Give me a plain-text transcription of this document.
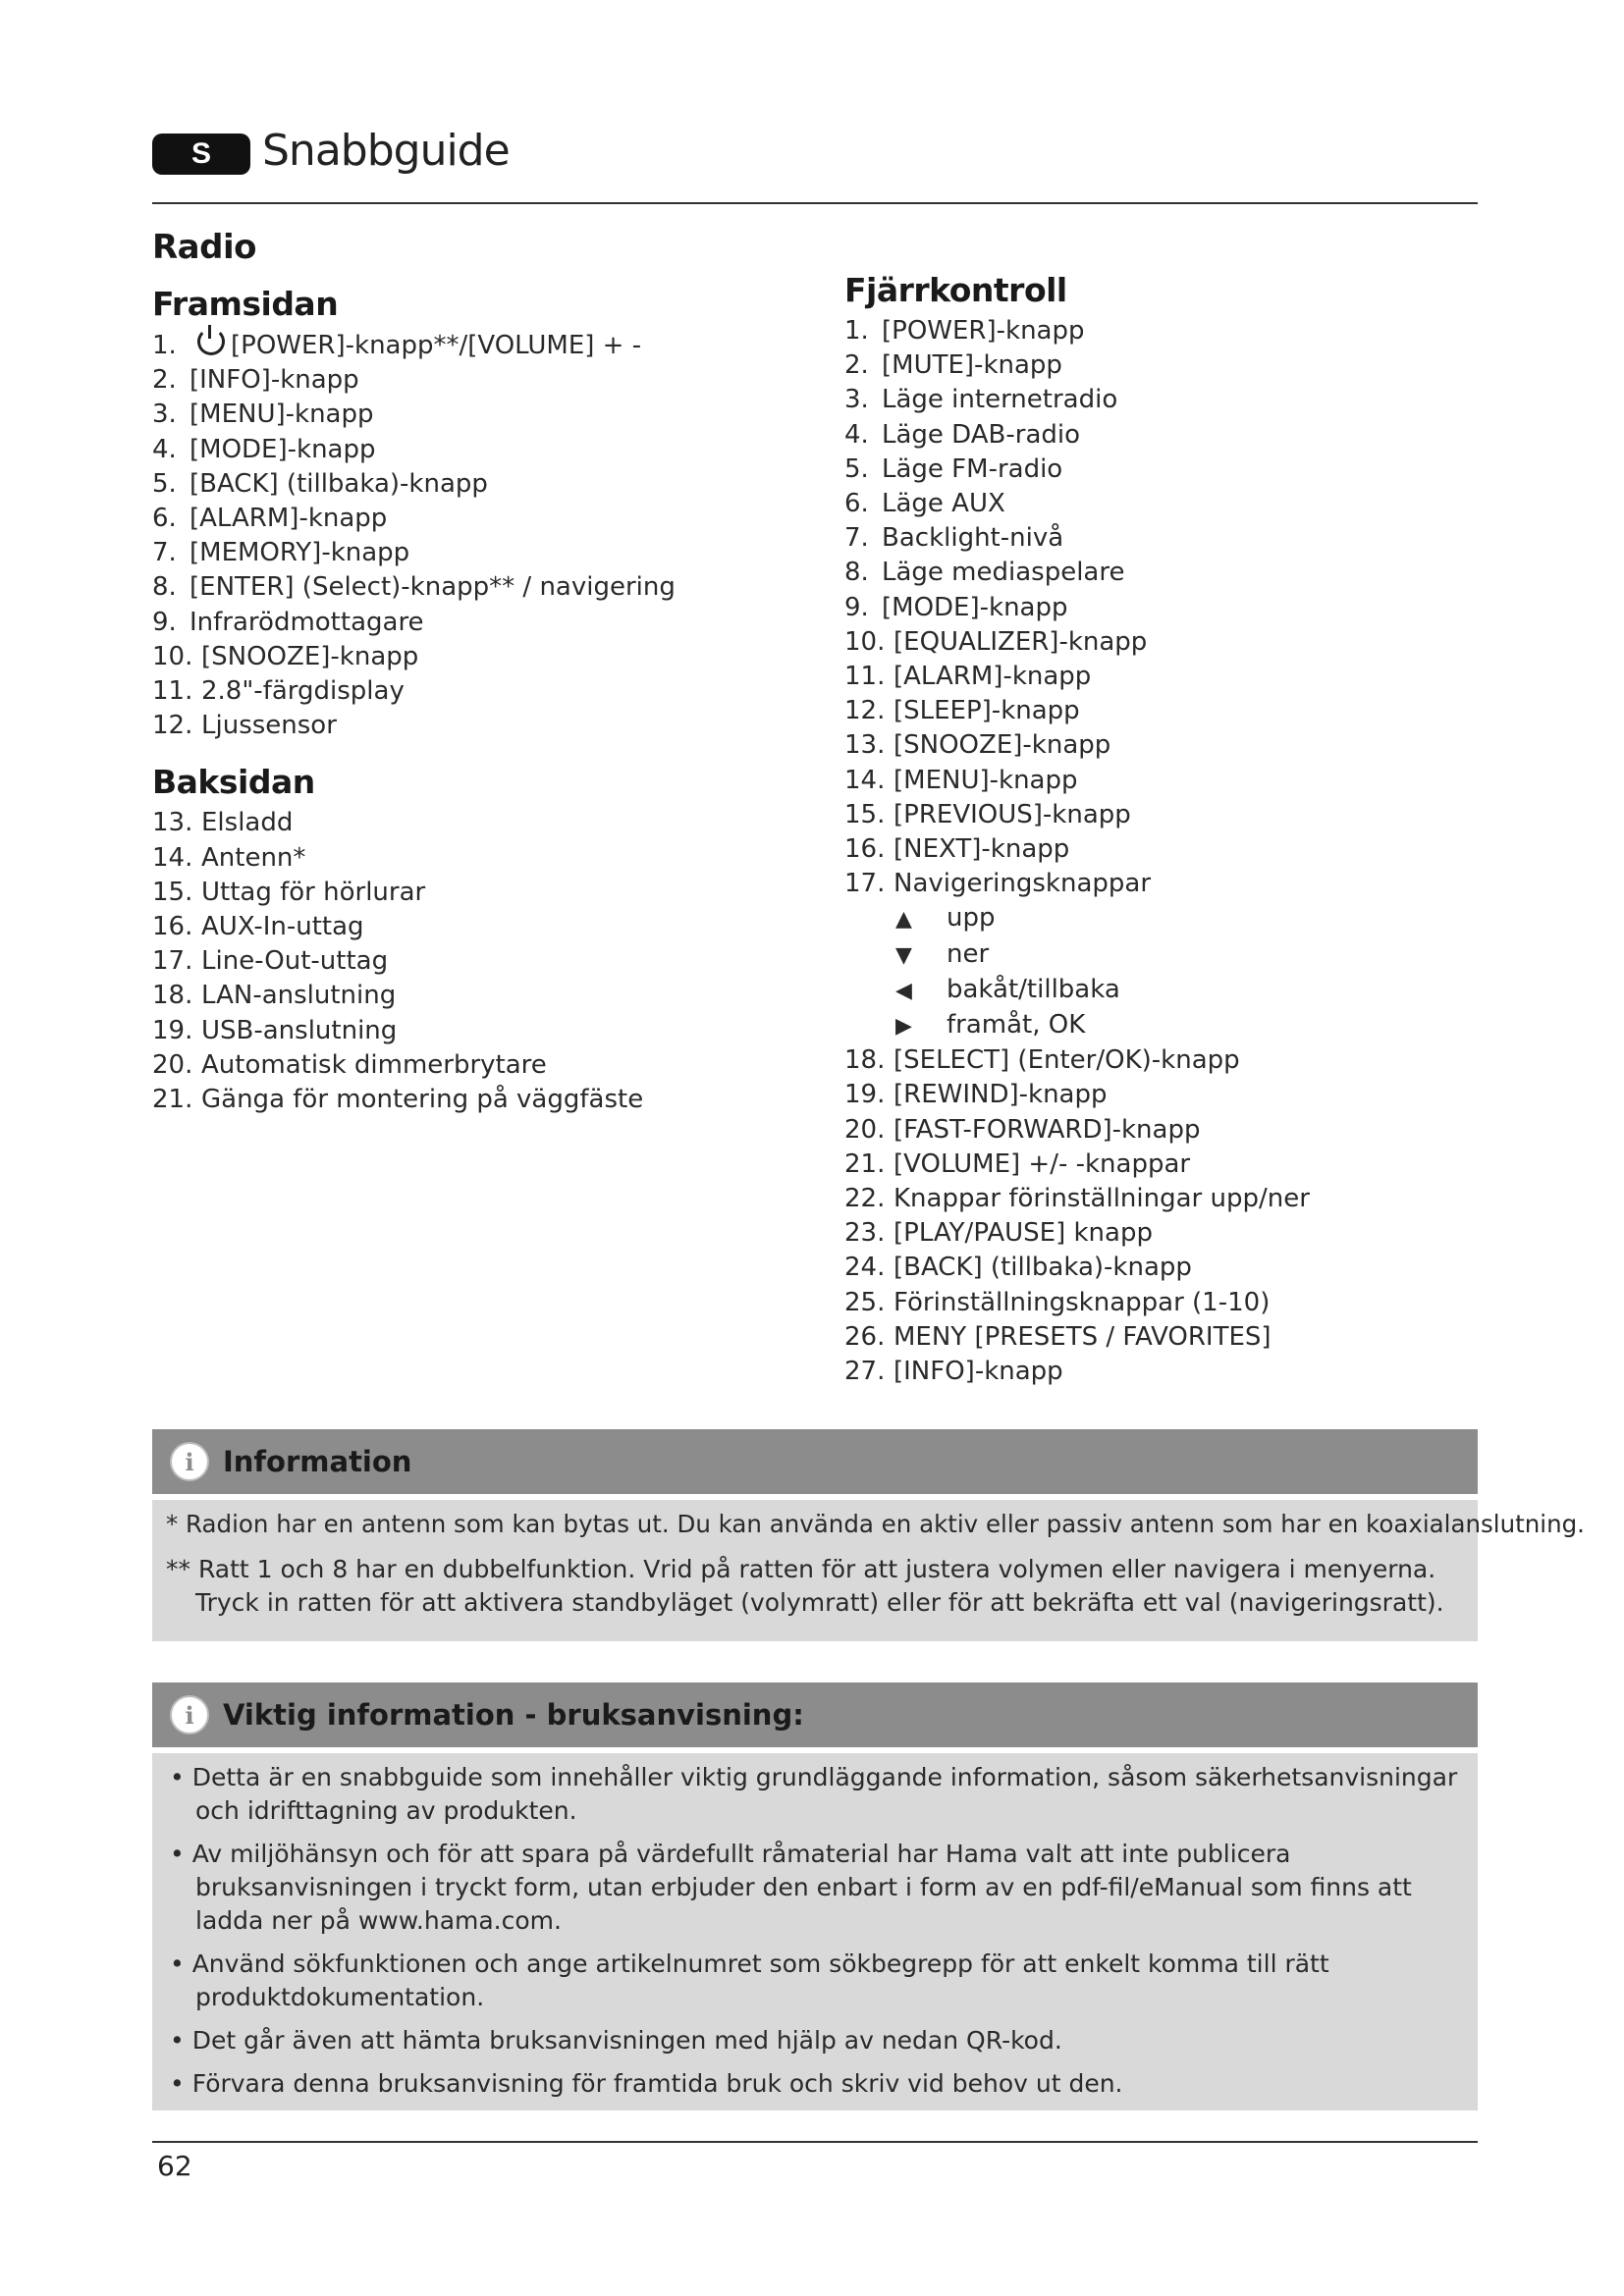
S	Snabbguide
Radio
Framsidan
1. [POWER]-knapp**/[VOLUME] + -
2. [INFO]-knapp
3. [MENU]-knapp
4. [MODE]-knapp
5. [BACK] (tillbaka)-knapp
6. [ALARM]-knapp
7. [MEMORY]-knapp
8. [ENTER] (Select)-knapp** / navigering
9. Infrarödmottagare
10. [SNOOZE]-knapp
11. 2.8"-färgdisplay
12. Ljussensor
Baksidan
13. Elsladd
14. Antenn*
15. Uttag för hörlurar
16. AUX-In-uttag
17. Line-Out-uttag
18. LAN-anslutning
19. USB-anslutning
20. Automatisk dimmerbrytare
21. Gänga för montering på väggfäste
Fjärrkontroll
1. [POWER]-knapp
2. [MUTE]-knapp
3. Läge internetradio
4. Läge DAB-radio
5. Läge FM-radio
6. Läge AUX
7. Backlight-nivå
8. Läge mediaspelare
9. [MODE]-knapp
10. [EQUALIZER]-knapp
11. [ALARM]-knapp
12. [SLEEP]-knapp
13. [SNOOZE]-knapp
14. [MENU]-knapp
15. [PREVIOUS]-knapp
16. [NEXT]-knapp
17. Navigeringsknappar
▲ upp
▼ ner
◀ bakåt/tillbaka
▶ framåt, OK
18. [SELECT] (Enter/OK)-knapp
19. [REWIND]-knapp
20. [FAST-FORWARD]-knapp
21. [VOLUME] +/- -knappar
22. Knappar förinställningar upp/ner
23. [PLAY/PAUSE] knapp
24. [BACK] (tillbaka)-knapp
25. Förinställningsknappar (1-10)
26. MENY [PRESETS / FAVORITES]
27. [INFO]-knapp
i	Information

* Radion har en antenn som kan bytas ut. Du kan använda en aktiv eller passiv antenn som har en koaxialanslutning.

** Ratt 1 och 8 har en dubbelfunktion. Vrid på ratten för att justera volymen eller navigera i menyerna. Tryck in ratten för att aktivera standbyläget (volymratt) eller för att bekräfta ett val (navigeringsratt).

i	Viktig information - bruksanvisning:

• Detta är en snabbguide som innehåller viktig grundläggande information, såsom säkerhetsanvisningar och idrifttagning av produkten.

• Av miljöhänsyn och för att spara på värdefullt råmaterial har Hama valt att inte publicera bruksanvisningen i tryckt form, utan erbjuder den enbart i form av en pdf-fil/eManual som finns att ladda ner på www.hama.com.

• Använd sökfunktionen och ange artikelnumret som sökbegrepp för att enkelt komma till rätt produktdokumentation.

• Det går även att hämta bruksanvisningen med hjälp av nedan QR-kod.

• Förvara denna bruksanvisning för framtida bruk och skriv vid behov ut den.

62
